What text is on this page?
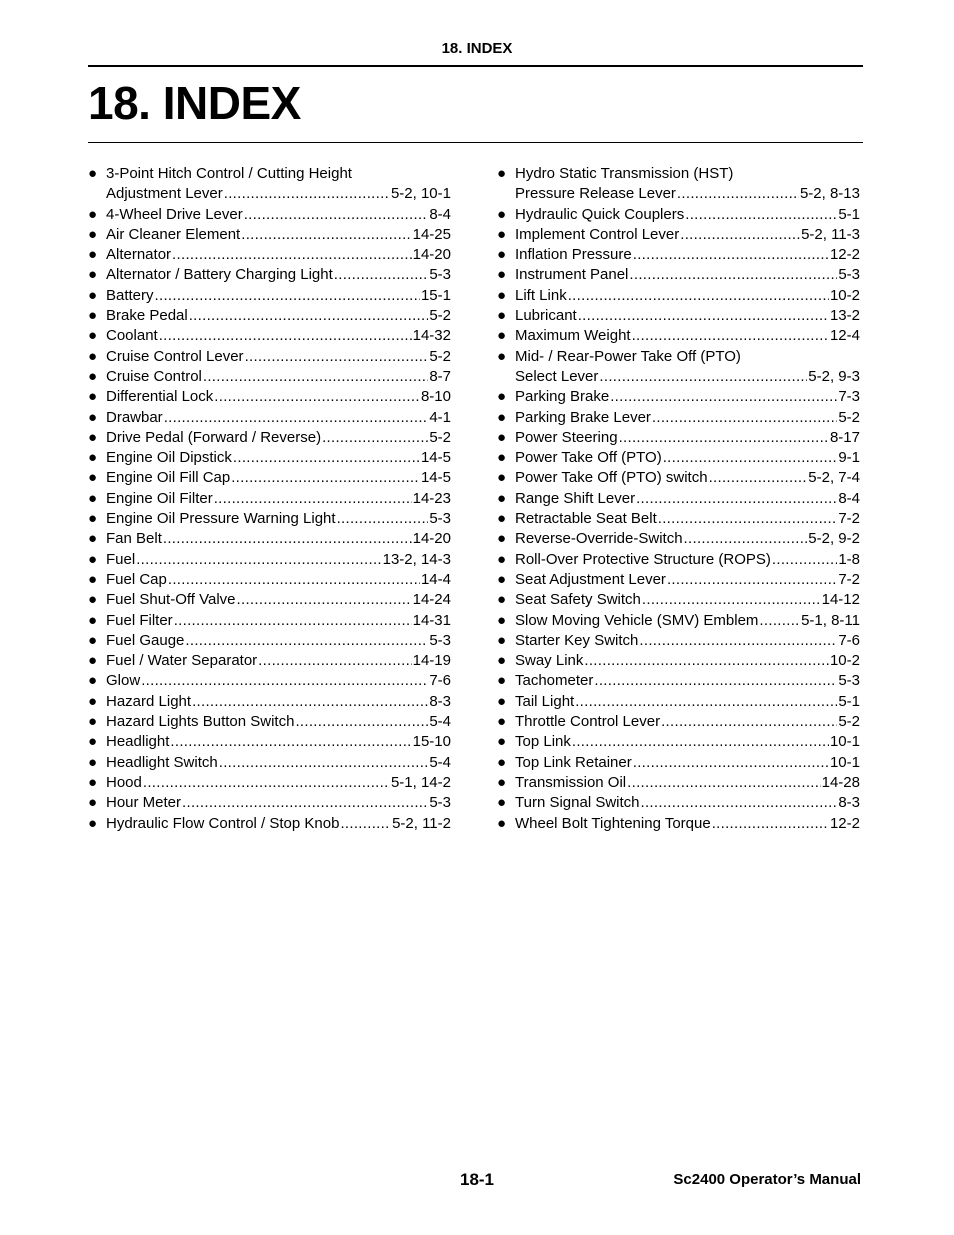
18. INDEX
18. INDEX
● 3-Point Hitch Control / Cutting Height
Adjustment Lever .....	5-2, 10-1
● 4-Wheel Drive Lever .....	8-4
● Air Cleaner Element .....	14-25
● Alternator .....	14-20
● Alternator / Battery Charging Light .....	5-3
● Battery .....	15-1
● Brake Pedal .....	5-2
● Coolant .....	14-32
● Cruise Control Lever .....	5-2
● Cruise Control .....	8-7
● Differential Lock .....	8-10
● Drawbar .....	4-1
● Drive Pedal (Forward / Reverse) .....	5-2
● Engine Oil Dipstick .....	14-5
● Engine Oil Fill Cap .....	14-5
● Engine Oil Filter .....	14-23
● Engine Oil Pressure Warning Light .....	5-3
● Fan Belt .....	14-20
● Fuel .....	13-2, 14-3
● Fuel Cap .....	14-4
● Fuel Shut-Off Valve .....	14-24
● Fuel Filter .....	14-31
● Fuel Gauge .....	5-3
● Fuel / Water Separator .....	14-19
● Glow .....	7-6
● Hazard Light .....	8-3
● Hazard Lights Button Switch .....	5-4
● Headlight .....	15-10
● Headlight Switch .....	5-4
● Hood .....	5-1, 14-2
● Hour Meter .....	5-3
● Hydraulic Flow Control / Stop Knob .....	5-2, 11-2
● Hydro Static Transmission (HST)
Pressure Release Lever .....	5-2, 8-13
● Hydraulic Quick Couplers .....	5-1
● Implement Control Lever .....	5-2, 11-3
● Inflation Pressure .....	12-2
● Instrument Panel .....	5-3
● Lift Link .....	10-2
● Lubricant .....	13-2
● Maximum Weight .....	12-4
● Mid- / Rear-Power Take Off (PTO)
Select Lever .....	5-2, 9-3
● Parking Brake .....	7-3
● Parking Brake Lever .....	5-2
● Power Steering .....	8-17
● Power Take Off (PTO) .....	9-1
● Power Take Off (PTO) switch .....	5-2, 7-4
● Range Shift Lever .....	8-4
● Retractable Seat Belt .....	7-2
● Reverse-Override-Switch .....	5-2, 9-2
● Roll-Over Protective Structure (ROPS) .....	1-8
● Seat Adjustment Lever .....	7-2
● Seat Safety Switch .....	14-12
● Slow Moving Vehicle (SMV) Emblem .....	5-1, 8-11
● Starter Key Switch .....	7-6
● Sway Link .....	10-2
● Tachometer .....	5-3
● Tail Light .....	5-1
● Throttle Control Lever .....	5-2
● Top Link .....	10-1
● Top Link Retainer .....	10-1
● Transmission Oil .....	14-28
● Turn Signal Switch .....	8-3
● Wheel Bolt Tightening Torque .....	12-2
18-1	Sc2400 Operator’s Manual
